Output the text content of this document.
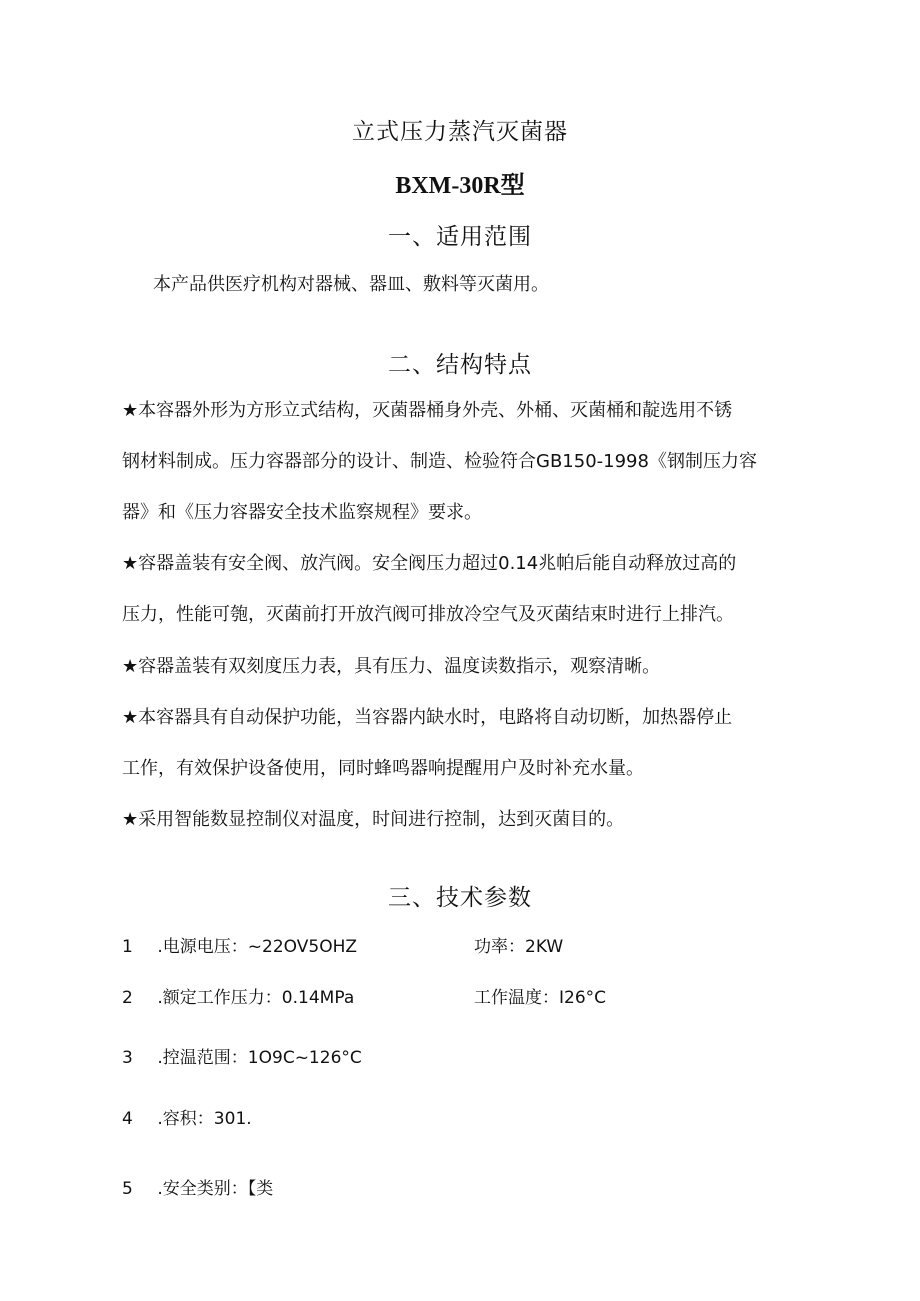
立式压力蒸汽灭菌器
BXM-30R型
一、适用范围
本产品供医疗机构对器械、器皿、敷料等灭菌用。
二、结构特点
★本容器外形为方形立式结构，灭菌器桶身外壳、外桶、灭菌桶和靛选用不锈
钢材料制成。压力容器部分的设计、制造、检验符合GB150-1998《钢制压力容
器》和《压力容器安全技术监察规程》要求。
★容器盖装有安全阀、放汽阀。安全阀压力超过0.14兆帕后能自动释放过高的
压力，性能可匏，灭菌前打开放汽阀可排放冷空气及灭菌结束时进行上排汽。
★容器盖装有双刻度压力表，具有压力、温度读数指示，观察清晰。
★本容器具有自动保护功能，当容器内缺水时，电路将自动切断，加热器停止
工作，有效保护设备使用，同时蜂鸣器响提醒用户及时补充水量。
★采用智能数显控制仪对温度，时间进行控制，达到灭菌目的。
三、技术参数
1 .电源电压：~22OV5OHZ	功率：2KW
2 .额定工作压力：0.14MPa	工作温度：I26°C
3 .控温范围：1O9C~126°C
4 .容积：301.
5 .安全类别：【类
